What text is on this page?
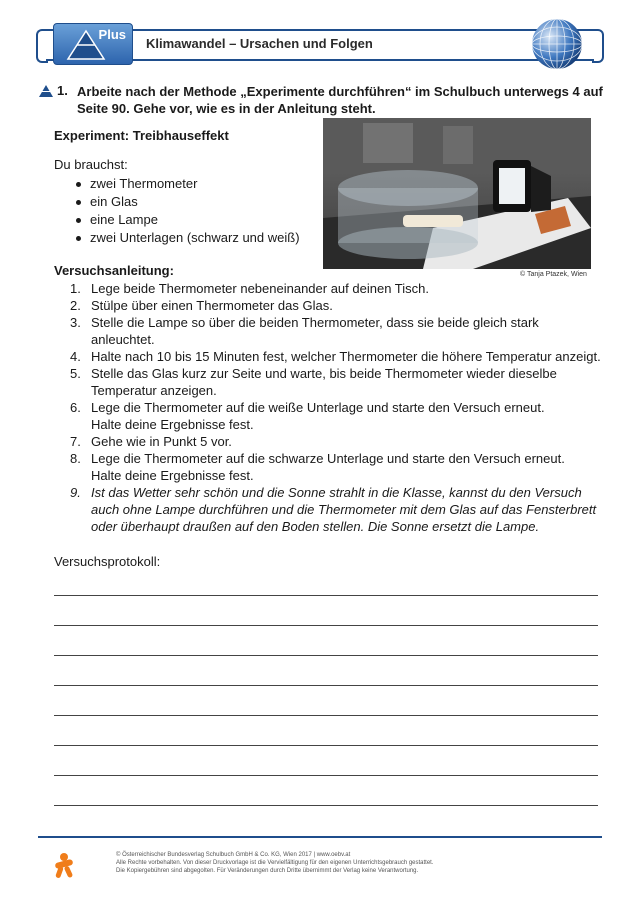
Plus
Klimawandel – Ursachen und Folgen
1. Arbeite nach der Methode „Experimente durchführen“ im Schulbuch unterwegs 4 auf Seite 90. Gehe vor, wie es in der Anleitung steht.
Experiment: Treibhauseffekt
Du brauchst:
zwei Thermometer
ein Glas
eine Lampe
zwei Unterlagen (schwarz und weiß)
© Tanja Ptazek, Wien
Versuchsanleitung:
1. Lege beide Thermometer nebeneinander auf deinen Tisch.
2. Stülpe über einen Thermometer das Glas.
3. Stelle die Lampe so über die beiden Thermometer, dass sie beide gleich stark
anleuchtet.
4. Halte nach 10 bis 15 Minuten fest, welcher Thermometer die höhere Temperatur anzeigt.
5. Stelle das Glas kurz zur Seite und warte, bis beide Thermometer wieder dieselbe
Temperatur anzeigen.
6. Lege die Thermometer auf die weiße Unterlage und starte den Versuch erneut.
Halte deine Ergebnisse fest.
7. Gehe wie in Punkt 5 vor.
8. Lege die Thermometer auf die schwarze Unterlage und starte den Versuch erneut.
Halte deine Ergebnisse fest.
9. Ist das Wetter sehr schön und die Sonne strahlt in die Klasse, kannst du den Versuch
auch ohne Lampe durchführen und die Thermometer mit dem Glas auf das Fensterbrett
oder überhaupt draußen auf den Boden stellen. Die Sonne ersetzt die Lampe.
Versuchsprotokoll:
© Österreichischer Bundesverlag Schulbuch GmbH & Co. KG, Wien 2017 | www.oebv.at
Alle Rechte vorbehalten. Von dieser Druckvorlage ist die Vervielfältigung für den eigenen Unterrichtsgebrauch gestattet.
Die Kopiergebühren sind abgegolten. Für Veränderungen durch Dritte übernimmt der Verlag keine Verantwortung.
